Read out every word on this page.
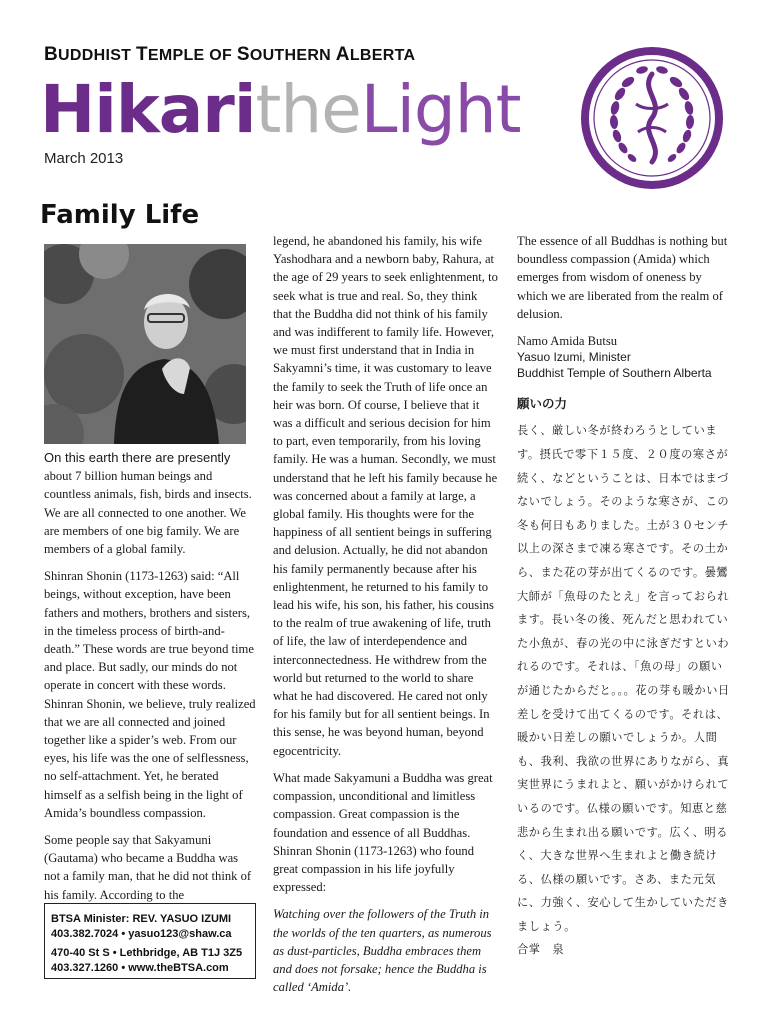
BUDDHIST TEMPLE OF SOUTHERN ALBERTA
HikaritheLight
March 2013
Family Life

On this earth there are presently
about 7 billion human beings and countless animals, fish, birds and insects. We are all connected to one another. We are members of one big family. We are members of a global family.

Shinran Shonin (1173-1263) said: “All beings, without exception, have been fathers and mothers, brothers and sisters, in the timeless process of birth-and-death.” These words are true beyond time and place. But sadly, our minds do not operate in concert with these words. Shinran Shonin, we believe, truly realized that we are all connected and joined together like a spider’s web. From our eyes, his life was the one of selflessness, no self-attachment. Yet, he berated himself as a selfish being in the light of Amida’s boundless compassion.

Some people say that Sakyamuni (Gautama) who became a Buddha was not a family man, that he did not think of his family. According to the

legend, he abandoned his family, his wife Yashodhara and a newborn baby, Rahura, at the age of 29 years to seek enlightenment, to seek what is true and real. So, they think that the Buddha did not think of his family and was indifferent to family life. However, we must first understand that in India in Sakyamni’s time, it was customary to leave the family to seek the Truth of life once an heir was born. Of course, I believe that it was a difficult and serious decision for him to part, even temporarily, from his loving family. He was a human. Secondly, we must understand that he left his family because he was concerned about a family at large, a global family. His thoughts were for the happiness of all sentient beings in suffering and delusion. Actually, he did not abandon his family permanently because after his enlightenment, he returned to his family to lead his wife, his son, his father, his cousins to the realm of true awakening of life, truth of life, the law of interdependence and interconnectedness. He withdrew from the world but returned to the world to share what he had discovered. He cared not only for his family but for all sentient beings. In this sense, he was beyond human, beyond egocentricity.

What made Sakyamuni a Buddha was great compassion, unconditional and limitless compassion. Great compassion is the foundation and essence of all Buddhas. Shinran Shonin (1173-1263) who found great compassion in his life joyfully expressed:

Watching over the followers of the Truth in the worlds of the ten quarters, as numerous as dust-particles, Buddha embraces them and does not forsake; hence the Buddha is called ‘Amida’.

The essence of all Buddhas is nothing but boundless compassion (Amida) which emerges from wisdom of oneness by which we are liberated from the realm of delusion.

Namo Amida Butsu
Yasuo Izumi, Minister
Buddhist Temple of Southern Alberta
願いの力
長く、厳しい冬が終わろうとしています。摂氏で零下１５度、２０度の寒さが続く、などということは、日本ではまづないでしょう。そのような寒さが、この冬も何日もありました。土が３０センチ以上の深さまで凍る寒さです。その土から、また花の芽が出てくるのです。曇鸞大師が「魚母のたとえ」を言っておられます。長い冬の後、死んだと思われていた小魚が、春の光の中に泳ぎだすといわれるのです。それは、「魚の母」の願いが通じたからだと。。。花の芽も暖かい日差しを受けて出てくるのです。それは、暖かい日差しの願いでしょうか。人間も、我利、我欲の世界にありながら、真実世界にうまれよと、願いがかけられているのです。仏様の願いです。知恵と慈悲から生まれ出る願いです。広く、明るく、大きな世界へ生まれよと働き続ける、仏様の願いです。さあ、また元気に、力強く、安心して生かしていただきましょう。
合掌　泉
BTSA Minister: REV. YASUO IZUMI
403.382.7024 • yasuo123@shaw.ca
470-40 St S • Lethbridge, AB T1J 3Z5
403.327.1260 • www.theBTSA.com
